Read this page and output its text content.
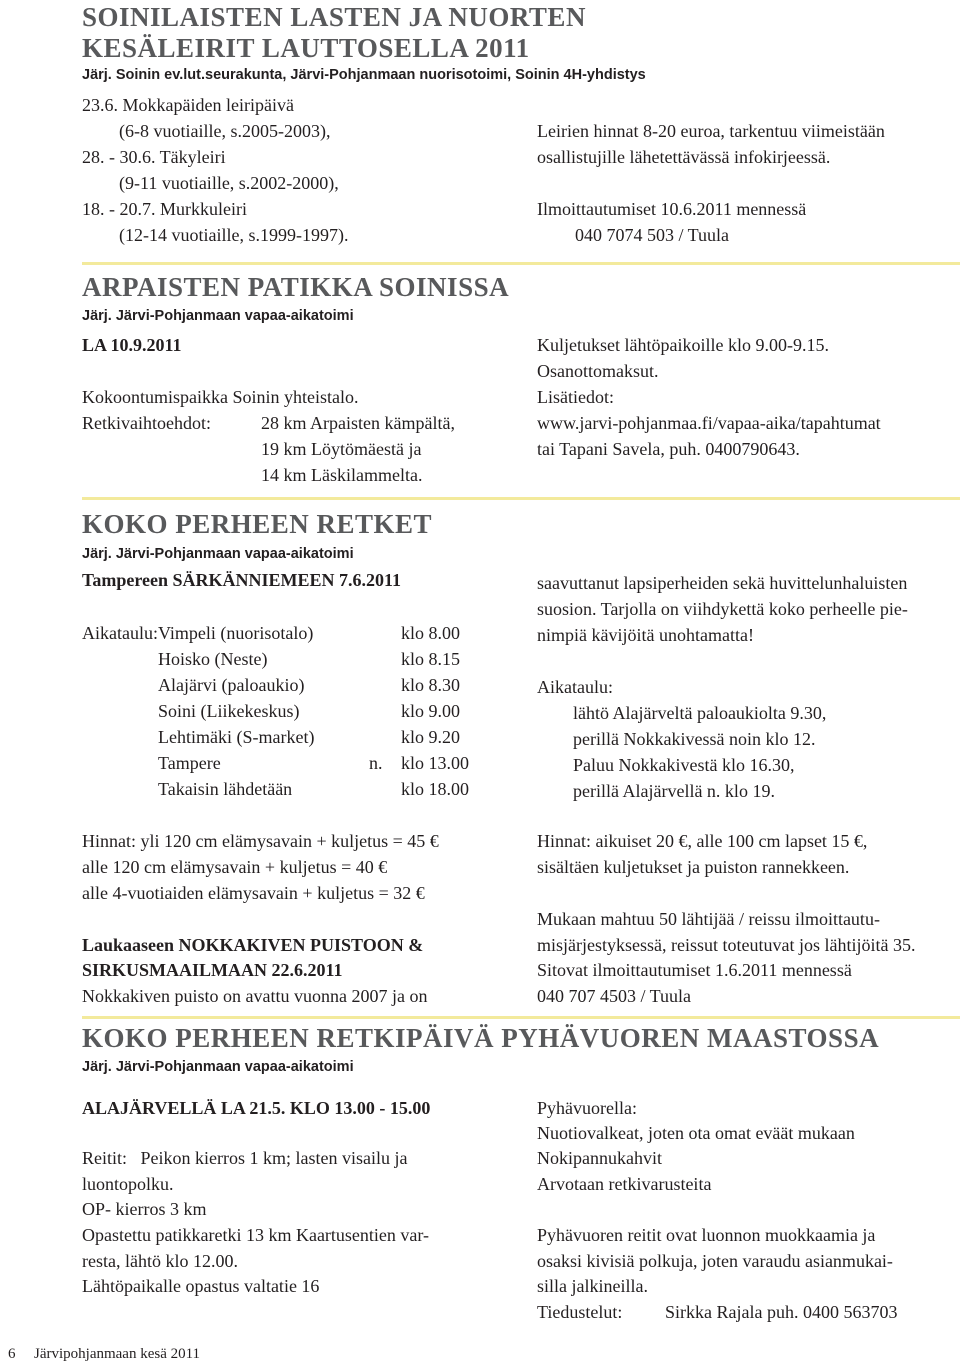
SOINILAISTEN LASTEN JA NUORTEN
KESÄLEIRIT LAUTTOSELLA 2011
Järj. Soinin ev.lut.seurakunta, Järvi-Pohjanmaan nuorisotoimi, Soinin 4H-yhdistys
23.6. Mokkapäiden leiripäivä
(6-8 vuotiaille, s.2005-2003),
28. - 30.6. Täkyleiri
(9-11 vuotiaille, s.2002-2000),
18. - 20.7. Murkkuleiri
(12-14 vuotiaille, s.1999-1997).
Leirien hinnat 8-20 euroa, tarkentuu viimeistään
osallistujille lähetettävässä infokirjeessä.
Ilmoittautumiset 10.6.2011 mennessä
040 7074 503 / Tuula
ARPAISTEN PATIKKA SOINISSA
Järj. Järvi-Pohjanmaan vapaa-aikatoimi
LA 10.9.2011
Kokoontumispaikka Soinin yhteistalo.
Retkivaihtoehdot:	28 km Arpaisten kämpältä,
19 km Löytömäestä ja
14 km Läskilammelta.
Kuljetukset lähtöpaikoille klo 9.00-9.15.
Osanottomaksut.
Lisätiedot:
www.jarvi-pohjanmaa.fi/vapaa-aika/tapahtumat
tai Tapani Savela, puh. 0400790643.
KOKO PERHEEN RETKET
Järj. Järvi-Pohjanmaan vapaa-aikatoimi
Tampereen SÄRKÄNNIEMEEN 7.6.2011
Aikataulu: Vimpeli (nuorisotalo)	klo 8.00
Hoisko (Neste)	klo 8.15
Alajärvi (paloaukio)	klo 8.30
Soini (Liikekeskus)	klo 9.00
Lehtimäki (S-market)	klo 9.20
Tampere	n. klo 13.00
Takaisin lähdetään	klo 18.00
Hinnat: yli 120 cm elämysavain + kuljetus = 45 €
alle 120 cm elämysavain + kuljetus = 40 €
alle 4-vuotiaiden elämysavain + kuljetus = 32 €
Laukaaseen NOKKAKIVEN PUISTOON &
SIRKUSMAAILMAAN 22.6.2011
Nokkakiven puisto on avattu vuonna 2007 ja on
saavuttanut lapsiperheiden sekä huvittelunhaluisten
suosion. Tarjolla on viihdykettä koko perheelle pie-
nimpiä kävijöitä unohtamatta!
Aikataulu:
lähtö Alajärveltä paloaukiolta 9.30,
perillä Nokkakivessä noin klo 12.
Paluu Nokkakivestä klo 16.30,
perillä Alajärvellä n. klo 19.
Hinnat: aikuiset 20 €, alle 100 cm lapset 15 €,
sisältäen kuljetukset ja puiston rannekkeen.
Mukaan mahtuu 50 lähtijää / reissu ilmoittautu-
misjärjestyksessä, reissut toteutuvat jos lähtijöitä 35.
Sitovat ilmoittautumiset 1.6.2011 mennessä
040 707 4503 / Tuula
KOKO PERHEEN RETKIPÄIVÄ PYHÄVUOREN MAASTOSSA
Järj. Järvi-Pohjanmaan vapaa-aikatoimi
ALAJÄRVELLÄ LA 21.5. KLO 13.00 - 15.00
Reitit:   Peikon kierros 1 km; lasten visailu ja
luontopolku.
OP- kierros 3 km
Opastettu patikkaretki 13 km Kaartusentien var-
resta, lähtö klo 12.00.
Lähtöpaikalle opastus valtatie 16
Pyhävuorella:
Nuotiovalkeat, joten ota omat eväät mukaan
Nokipannukahvit
Arvotaan retkivarusteita
Pyhävuoren reitit ovat luonnon muokkaamia ja
osaksi kivisiä polkuja, joten varaudu asianmukai-
silla jalkineilla.
Tiedustelut: Sirkka Rajala puh. 0400 563703
6 Järvipohjanmaan kesä 2011
